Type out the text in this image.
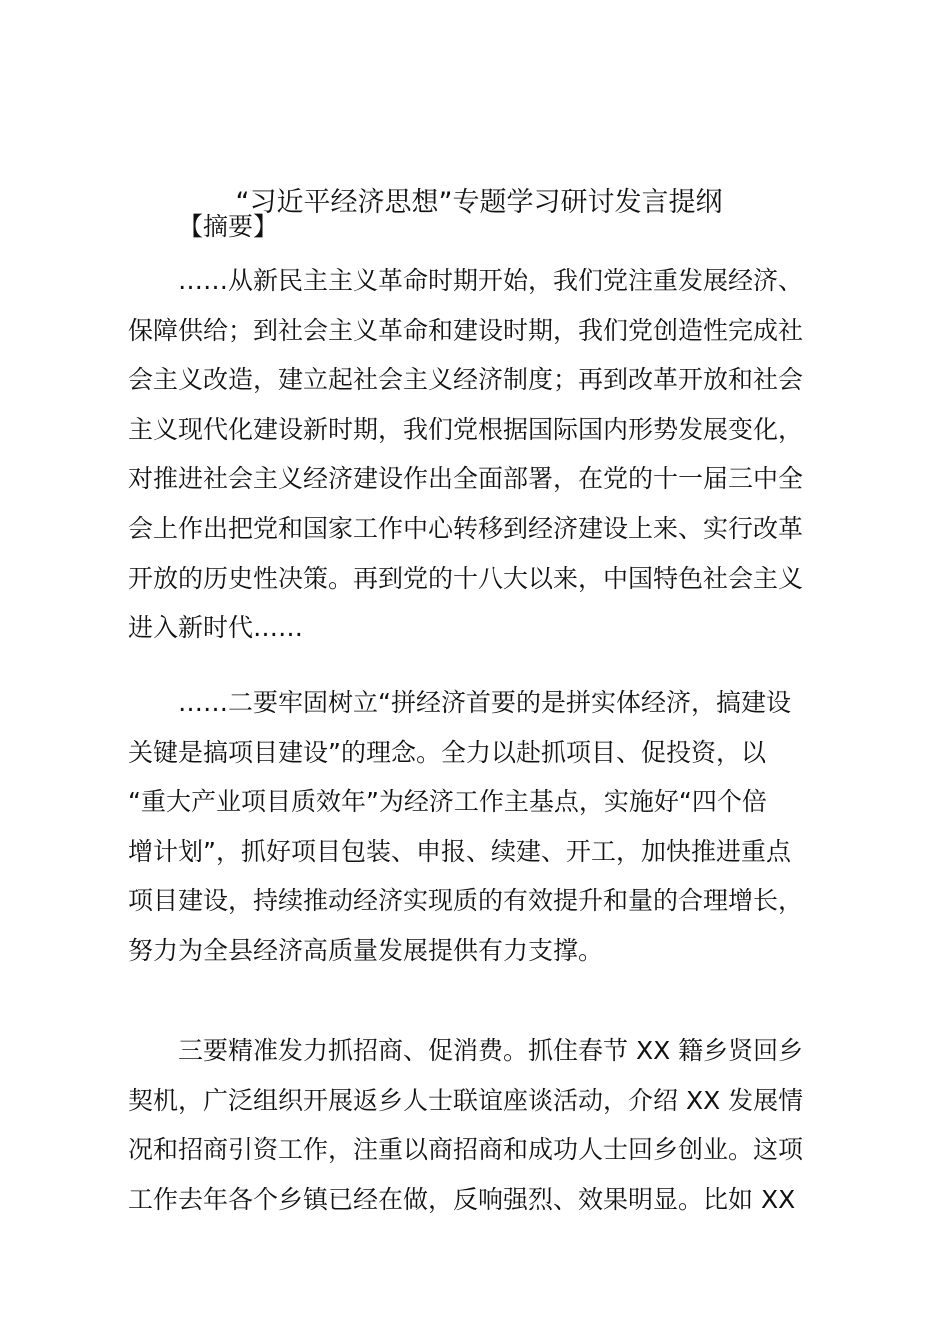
“习近平经济思想”专题学习研讨发言提纲
【摘要】
……从新民主主义革命时期开始，我们党注重发展经济、
保障供给；到社会主义革命和建设时期，我们党创造性完成社
会主义改造，建立起社会主义经济制度；再到改革开放和社会
主义现代化建设新时期，我们党根据国际国内形势发展变化，
对推进社会主义经济建设作出全面部署，在党的十一届三中全
会上作出把党和国家工作中心转移到经济建设上来、实行改革
开放的历史性决策。再到党的十八大以来，中国特色社会主义
进入新时代……
……二要牢固树立“拼经济首要的是拼实体经济，搞建设
关键是搞项目建设”的理念。全力以赴抓项目、促投资，以
“重大产业项目质效年”为经济工作主基点，实施好“四个倍
增计划”，抓好项目包装、申报、续建、开工，加快推进重点
项目建设，持续推动经济实现质的有效提升和量的合理增长，
努力为全县经济高质量发展提供有力支撑。
三要精准发力抓招商、促消费。抓住春节 XX 籍乡贤回乡
契机，广泛组织开展返乡人士联谊座谈活动，介绍 XX 发展情
况和招商引资工作，注重以商招商和成功人士回乡创业。这项
工作去年各个乡镇已经在做，反响强烈、效果明显。比如 XX
